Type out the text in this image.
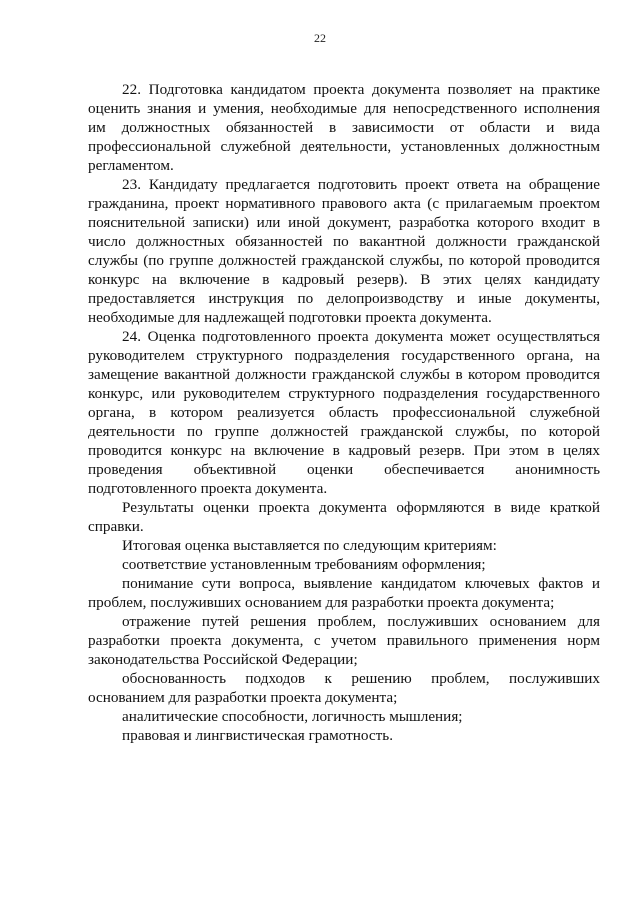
22

22. Подготовка кандидатом проекта документа позволяет на практике оценить знания и умения, необходимые для непосредственного исполнения им должностных обязанностей в зависимости от области и вида профессиональной служебной деятельности, установленных должностным регламентом.

23. Кандидату предлагается подготовить проект ответа на обращение гражданина, проект нормативного правового акта (с прилагаемым проектом пояснительной записки) или иной документ, разработка которого входит в число должностных обязанностей по вакантной должности гражданской службы (по группе должностей гражданской службы, по которой проводится конкурс на включение в кадровый резерв). В этих целях кандидату предоставляется инструкция по делопроизводству и иные документы, необходимые для надлежащей подготовки проекта документа.

24. Оценка подготовленного проекта документа может осуществляться руководителем структурного подразделения государственного органа, на замещение вакантной должности гражданской службы в котором проводится конкурс, или руководителем структурного подразделения государственного органа, в котором реализуется область профессиональной служебной деятельности по группе должностей гражданской службы, по которой проводится конкурс на включение в кадровый резерв. При этом в целях проведения объективной оценки обеспечивается анонимность подготовленного проекта документа.

Результаты оценки проекта документа оформляются в виде краткой справки.

Итоговая оценка выставляется по следующим критериям:

соответствие установленным требованиям оформления;

понимание сути вопроса, выявление кандидатом ключевых фактов и проблем, послуживших основанием для разработки проекта документа;

отражение путей решения проблем, послуживших основанием для разработки проекта документа, с учетом правильного применения норм законодательства Российской Федерации;

обоснованность подходов к решению проблем, послуживших основанием для разработки проекта документа;

аналитические способности, логичность мышления;

правовая и лингвистическая грамотность.
